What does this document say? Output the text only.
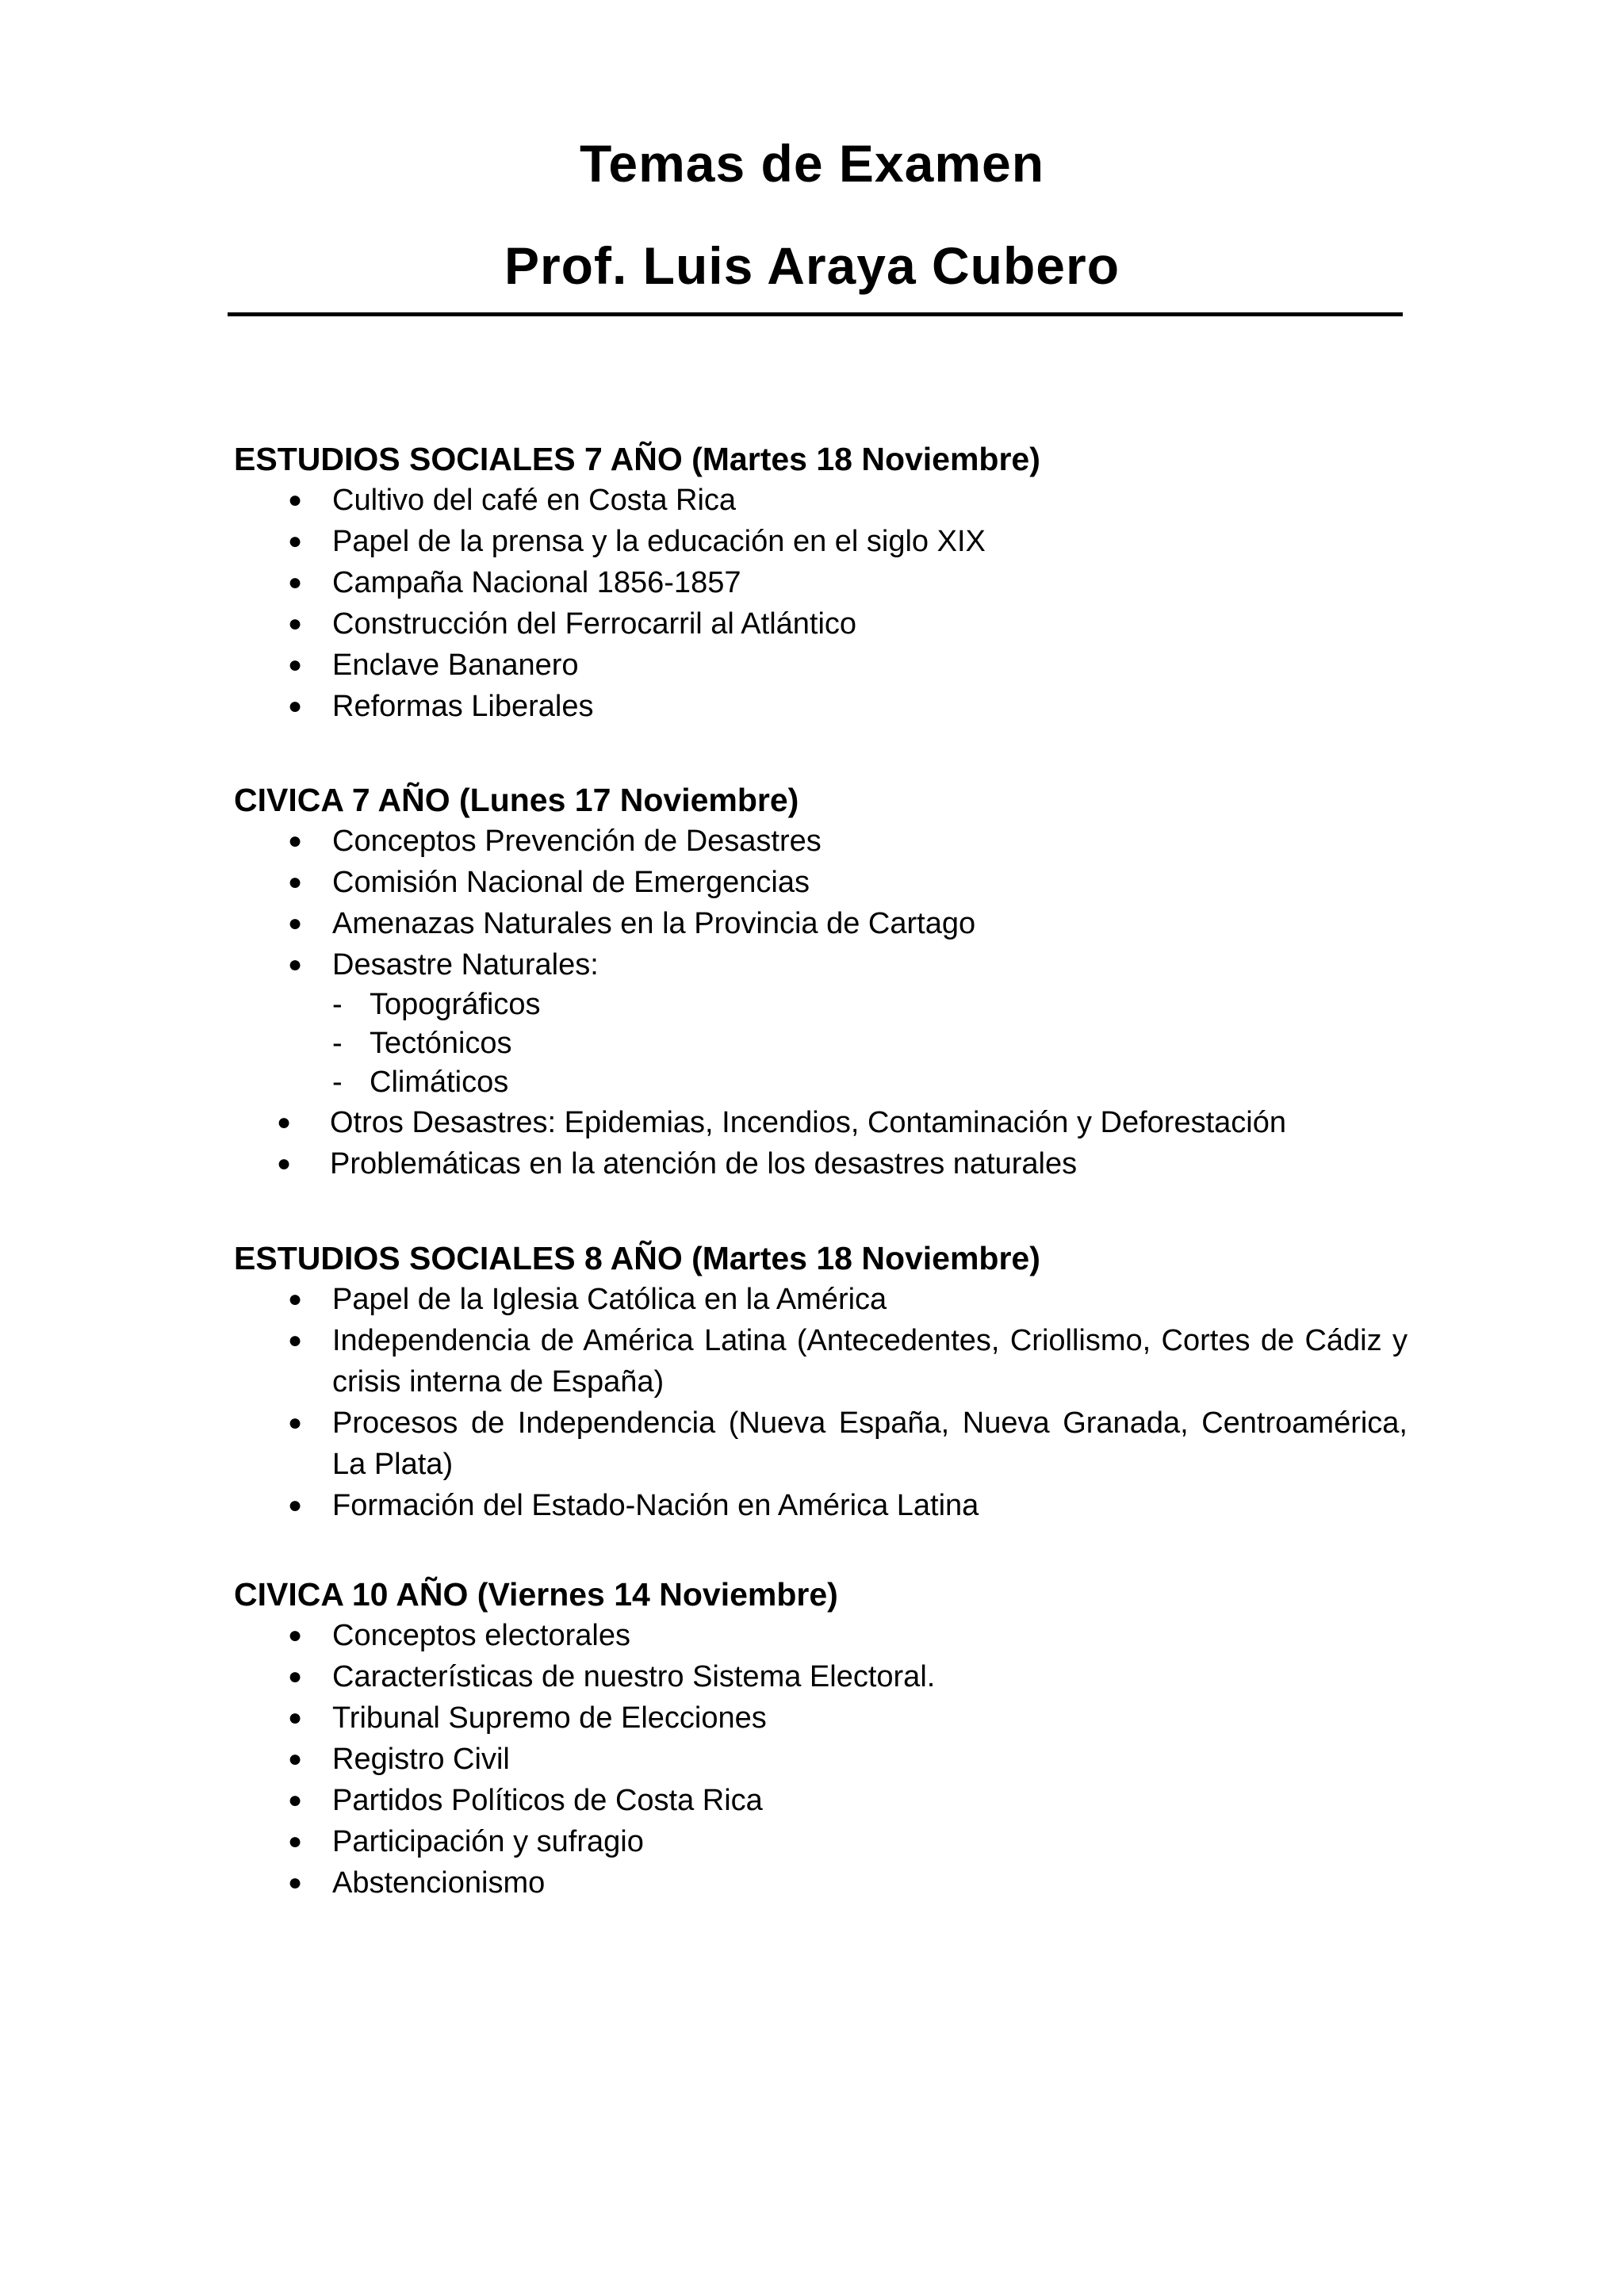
Temas de Examen
Prof. Luis Araya Cubero
ESTUDIOS SOCIALES 7 AÑO (Martes 18 Noviembre)
● Cultivo del café en Costa Rica
● Papel de la prensa y la educación en el siglo XIX
● Campaña Nacional 1856-1857
● Construcción del Ferrocarril al Atlántico
● Enclave Bananero
● Reformas Liberales
CIVICA 7 AÑO (Lunes 17 Noviembre)
● Conceptos Prevención de Desastres
● Comisión Nacional de Emergencias
● Amenazas Naturales en la Provincia de Cartago
● Desastre Naturales:
- Topográficos
- Tectónicos
- Climáticos
● Otros Desastres: Epidemias, Incendios, Contaminación y Deforestación
● Problemáticas en la atención de los desastres naturales
ESTUDIOS SOCIALES 8 AÑO (Martes 18 Noviembre)
● Papel de la Iglesia Católica en la América
● Independencia de América Latina (Antecedentes, Criollismo, Cortes de Cádiz y crisis interna de España)
● Procesos de Independencia (Nueva España, Nueva Granada, Centroamérica, La Plata)
● Formación del Estado-Nación en América Latina
CIVICA 10 AÑO (Viernes 14 Noviembre)
● Conceptos electorales
● Características de nuestro Sistema Electoral.
● Tribunal Supremo de Elecciones
● Registro Civil
● Partidos Políticos de Costa Rica
● Participación y sufragio
● Abstencionismo
